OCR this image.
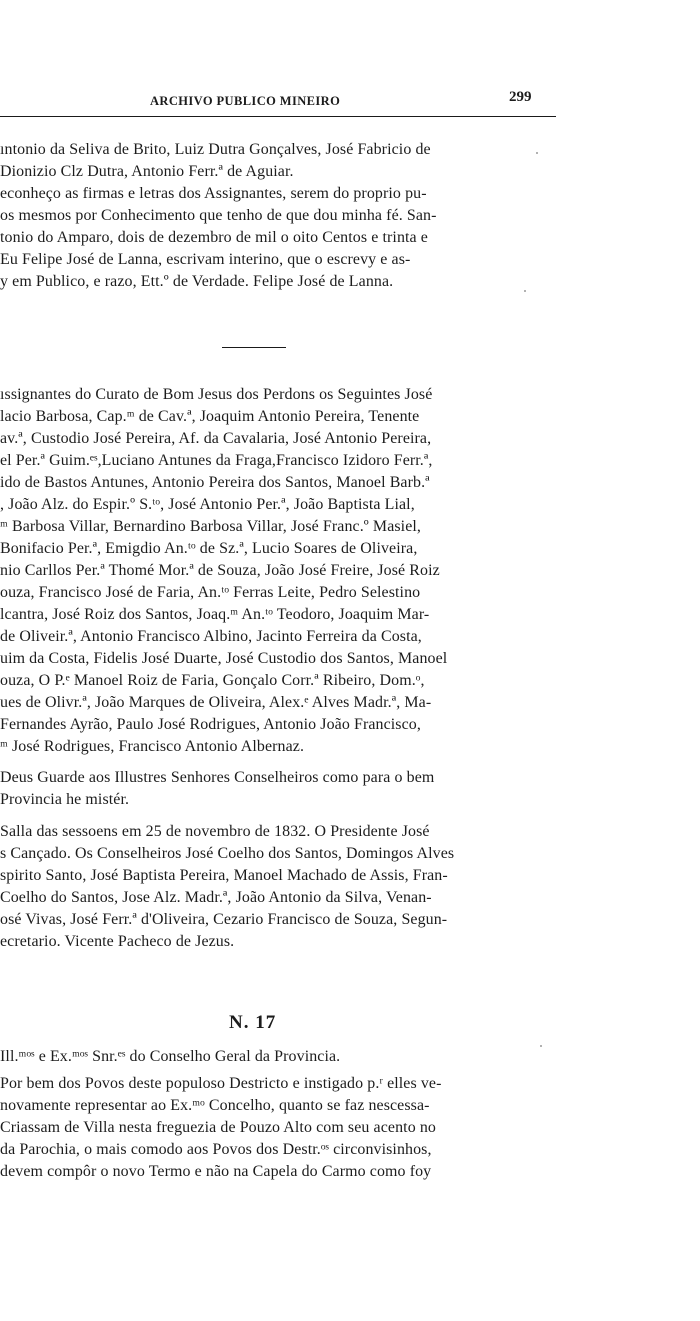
ARCHIVO PUBLICO MINEIRO	299
ıntonio da Seliva de Brito, Luiz Dutra Gonçalves, José Fabricio de
Dionizio Clz Dutra, Antonio Ferr.ª de Aguiar.
econheço as firmas e letras dos Assignantes, serem do proprio pu-
os mesmos por Conhecimento que tenho de que dou minha fé. San-
tonio do Amparo, dois de dezembro de mil o oito Centos e trinta e
Eu Felipe José de Lanna, escrivam interino, que o escrevy e as-
y em Publico, e razo, Ett.º de Verdade. Felipe José de Lanna.
ıssignantes do Curato de Bom Jesus dos Perdons os Seguintes José
lacio Barbosa, Cap.ᵐ de Cav.ª, Joaquim Antonio Pereira, Tenente
av.ª, Custodio José Pereira, Af. da Cavalaria, José Antonio Pereira,
el Per.ª Guim.ᵉˢ,Luciano Antunes da Fraga,Francisco Izidoro Ferr.ª,
ido de Bastos Antunes, Antonio Pereira dos Santos, Manoel Barb.ª
, João Alz. do Espir.º S.ᵗᵒ, José Antonio Per.ª, João Baptista Lial,
ᵐ Barbosa Villar, Bernardino Barbosa Villar, José Franc.º Masiel,
Bonifacio Per.ª, Emigdio An.ᵗᵒ de Sz.ª, Lucio Soares de Oliveira,
nio Carllos Per.ª Thomé Mor.ª de Souza, João José Freire, José Roiz
ouza, Francisco José de Faria, An.ᵗᵒ Ferras Leite, Pedro Selestino
lcantra, José Roiz dos Santos, Joaq.ᵐ An.ᵗᵒ Teodoro, Joaquim Mar-
de Oliveir.ª, Antonio Francisco Albino, Jacinto Ferreira da Costa,
uim da Costa, Fidelis José Duarte, José Custodio dos Santos, Manoel
ouza, O P.ᵉ Manoel Roiz de Faria, Gonçalo Corr.ª Ribeiro, Dom.ᵒ,
ues de Olivr.ª, João Marques de Oliveira, Alex.ᵉ Alves Madr.ª, Ma-
Fernandes Ayrão, Paulo José Rodrigues, Antonio João Francisco,
ᵐ José Rodrigues, Francisco Antonio Albernaz.
Deus Guarde aos Illustres Senhores Conselheiros como para o bem
Provincia he mistér.
Salla das sessoens em 25 de novembro de 1832. O Presidente José
s Cançado. Os Conselheiros José Coelho dos Santos, Domingos Alves
spirito Santo, José Baptista Pereira, Manoel Machado de Assis, Fran-
Coelho do Santos, Jose Alz. Madr.ª, João Antonio da Silva, Venan-
osé Vivas, José Ferr.ª d'Oliveira, Cezario Francisco de Souza, Segun-
ecretario. Vicente Pacheco de Jezus.
N. 17
Ill.ᵐᵒˢ e Ex.ᵐᵒˢ Snr.ᵉˢ do Conselho Geral da Provincia.
Por bem dos Povos deste populoso Destricto e instigado p.ʳ elles ve-
novamente representar ao Ex.ᵐᵒ Concelho, quanto se faz nescessa-
Criassam de Villa nesta freguezia de Pouzo Alto com seu acento no
da Parochia, o mais comodo aos Povos dos Destr.ᵒˢ circonvisinhos,
devem compôr o novo Termo e não na Capela do Carmo como foy
